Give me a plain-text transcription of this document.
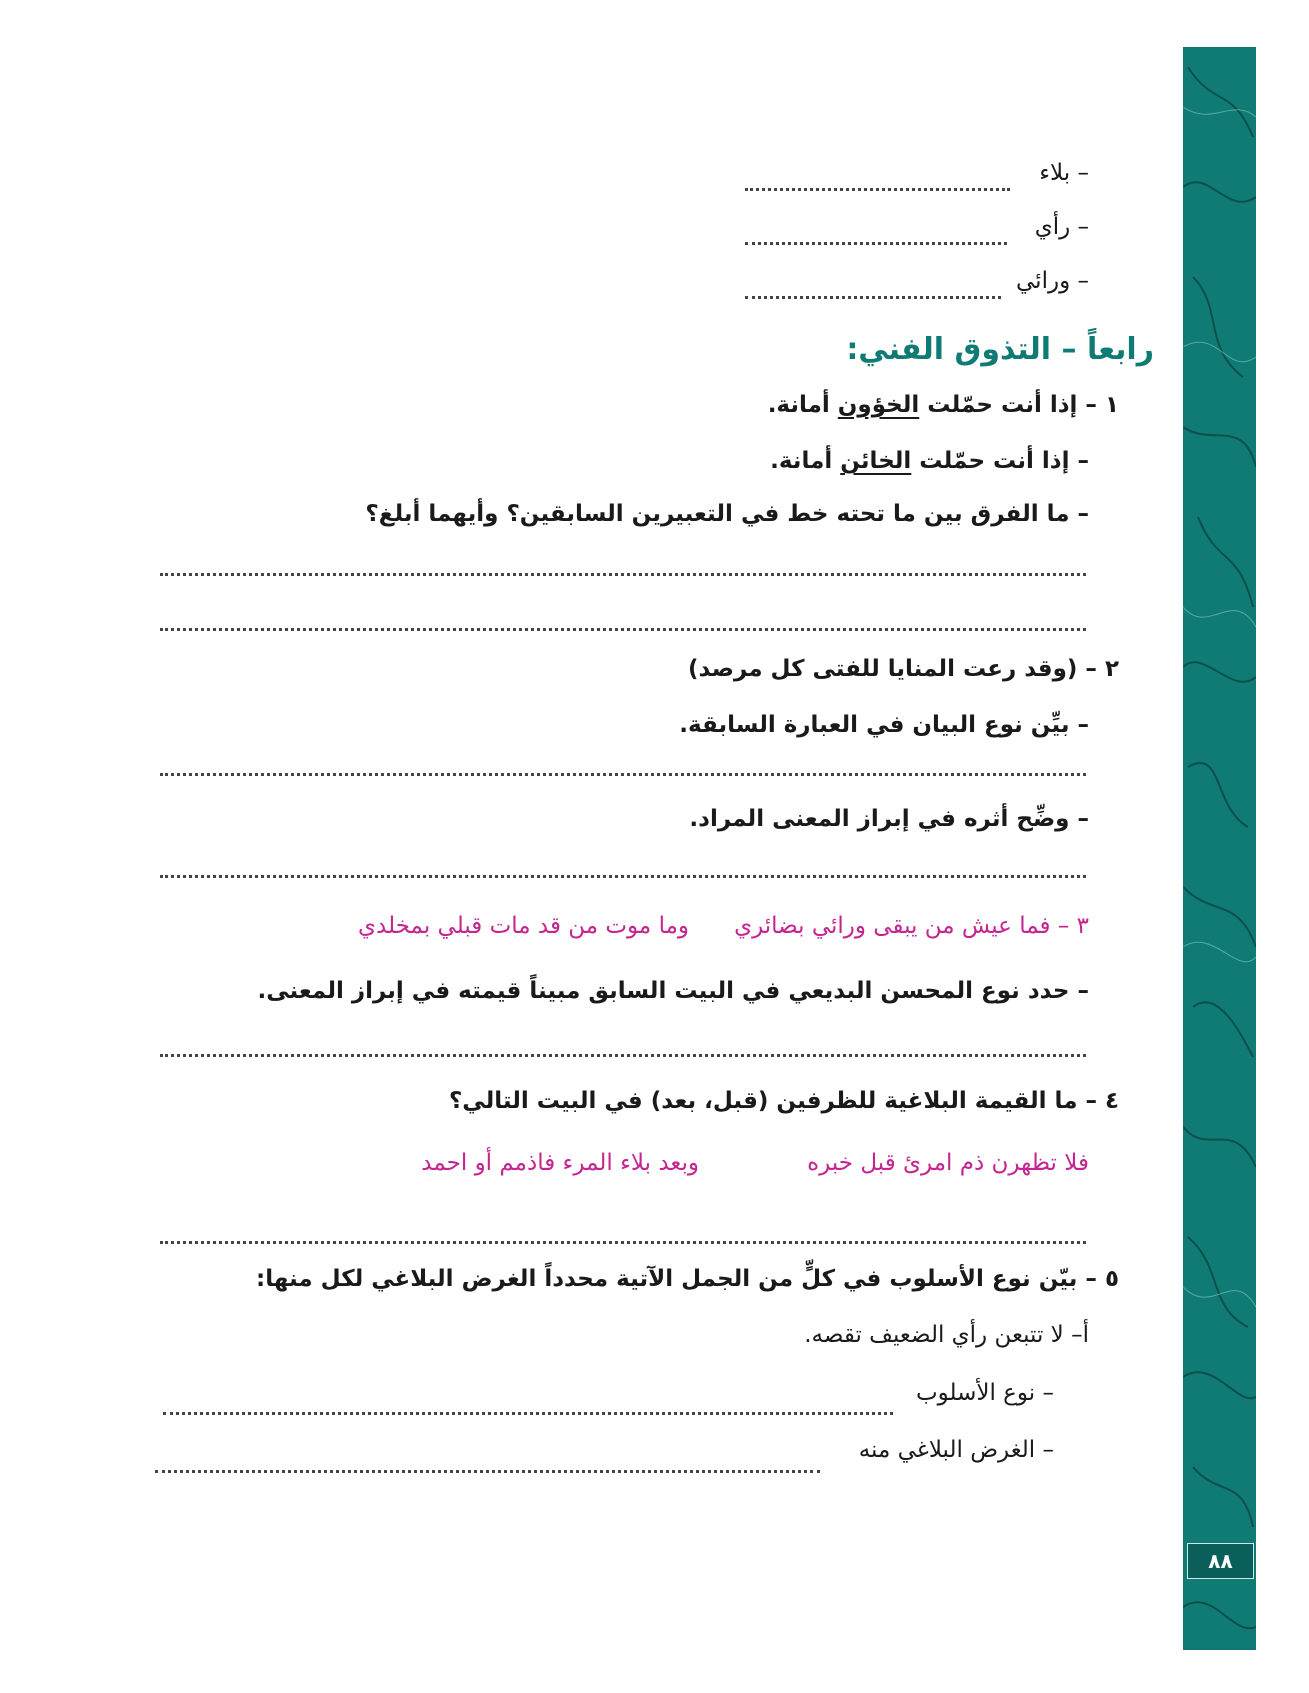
٨٨
– بلاء
– رأي
– ورائي
رابعاً – التذوق الفني:
١ – إذا أنت حمّلت الخؤون أمانة.
– إذا أنت حمّلت الخائن أمانة.
– ما الفرق بين ما تحته خط في التعبيرين السابقين؟ وأيهما أبلغ؟
٢ – (وقد رعت المنايا للفتى كل مرصد)
– بيِّن نوع البيان في العبارة السابقة.
– وضِّح أثره في إبراز المعنى المراد.
٣ – فما عيش من يبقى ورائي بضائري
وما موت من قد مات قبلي بمخلدي
– حدد نوع المحسن البديعي في البيت السابق مبيناً قيمته في إبراز المعنى.
٤ – ما القيمة البلاغية للظرفين (قبل، بعد) في البيت التالي؟
فلا تظهرن ذم امرئ قبل خبره
وبعد بلاء المرء فاذمم أو احمد
٥ – بيّن نوع الأسلوب في كلٍّ من الجمل الآتية محدداً الغرض البلاغي لكل منها:
أ– لا تتبعن رأي الضعيف تقصه.
– نوع الأسلوب
– الغرض البلاغي منه
